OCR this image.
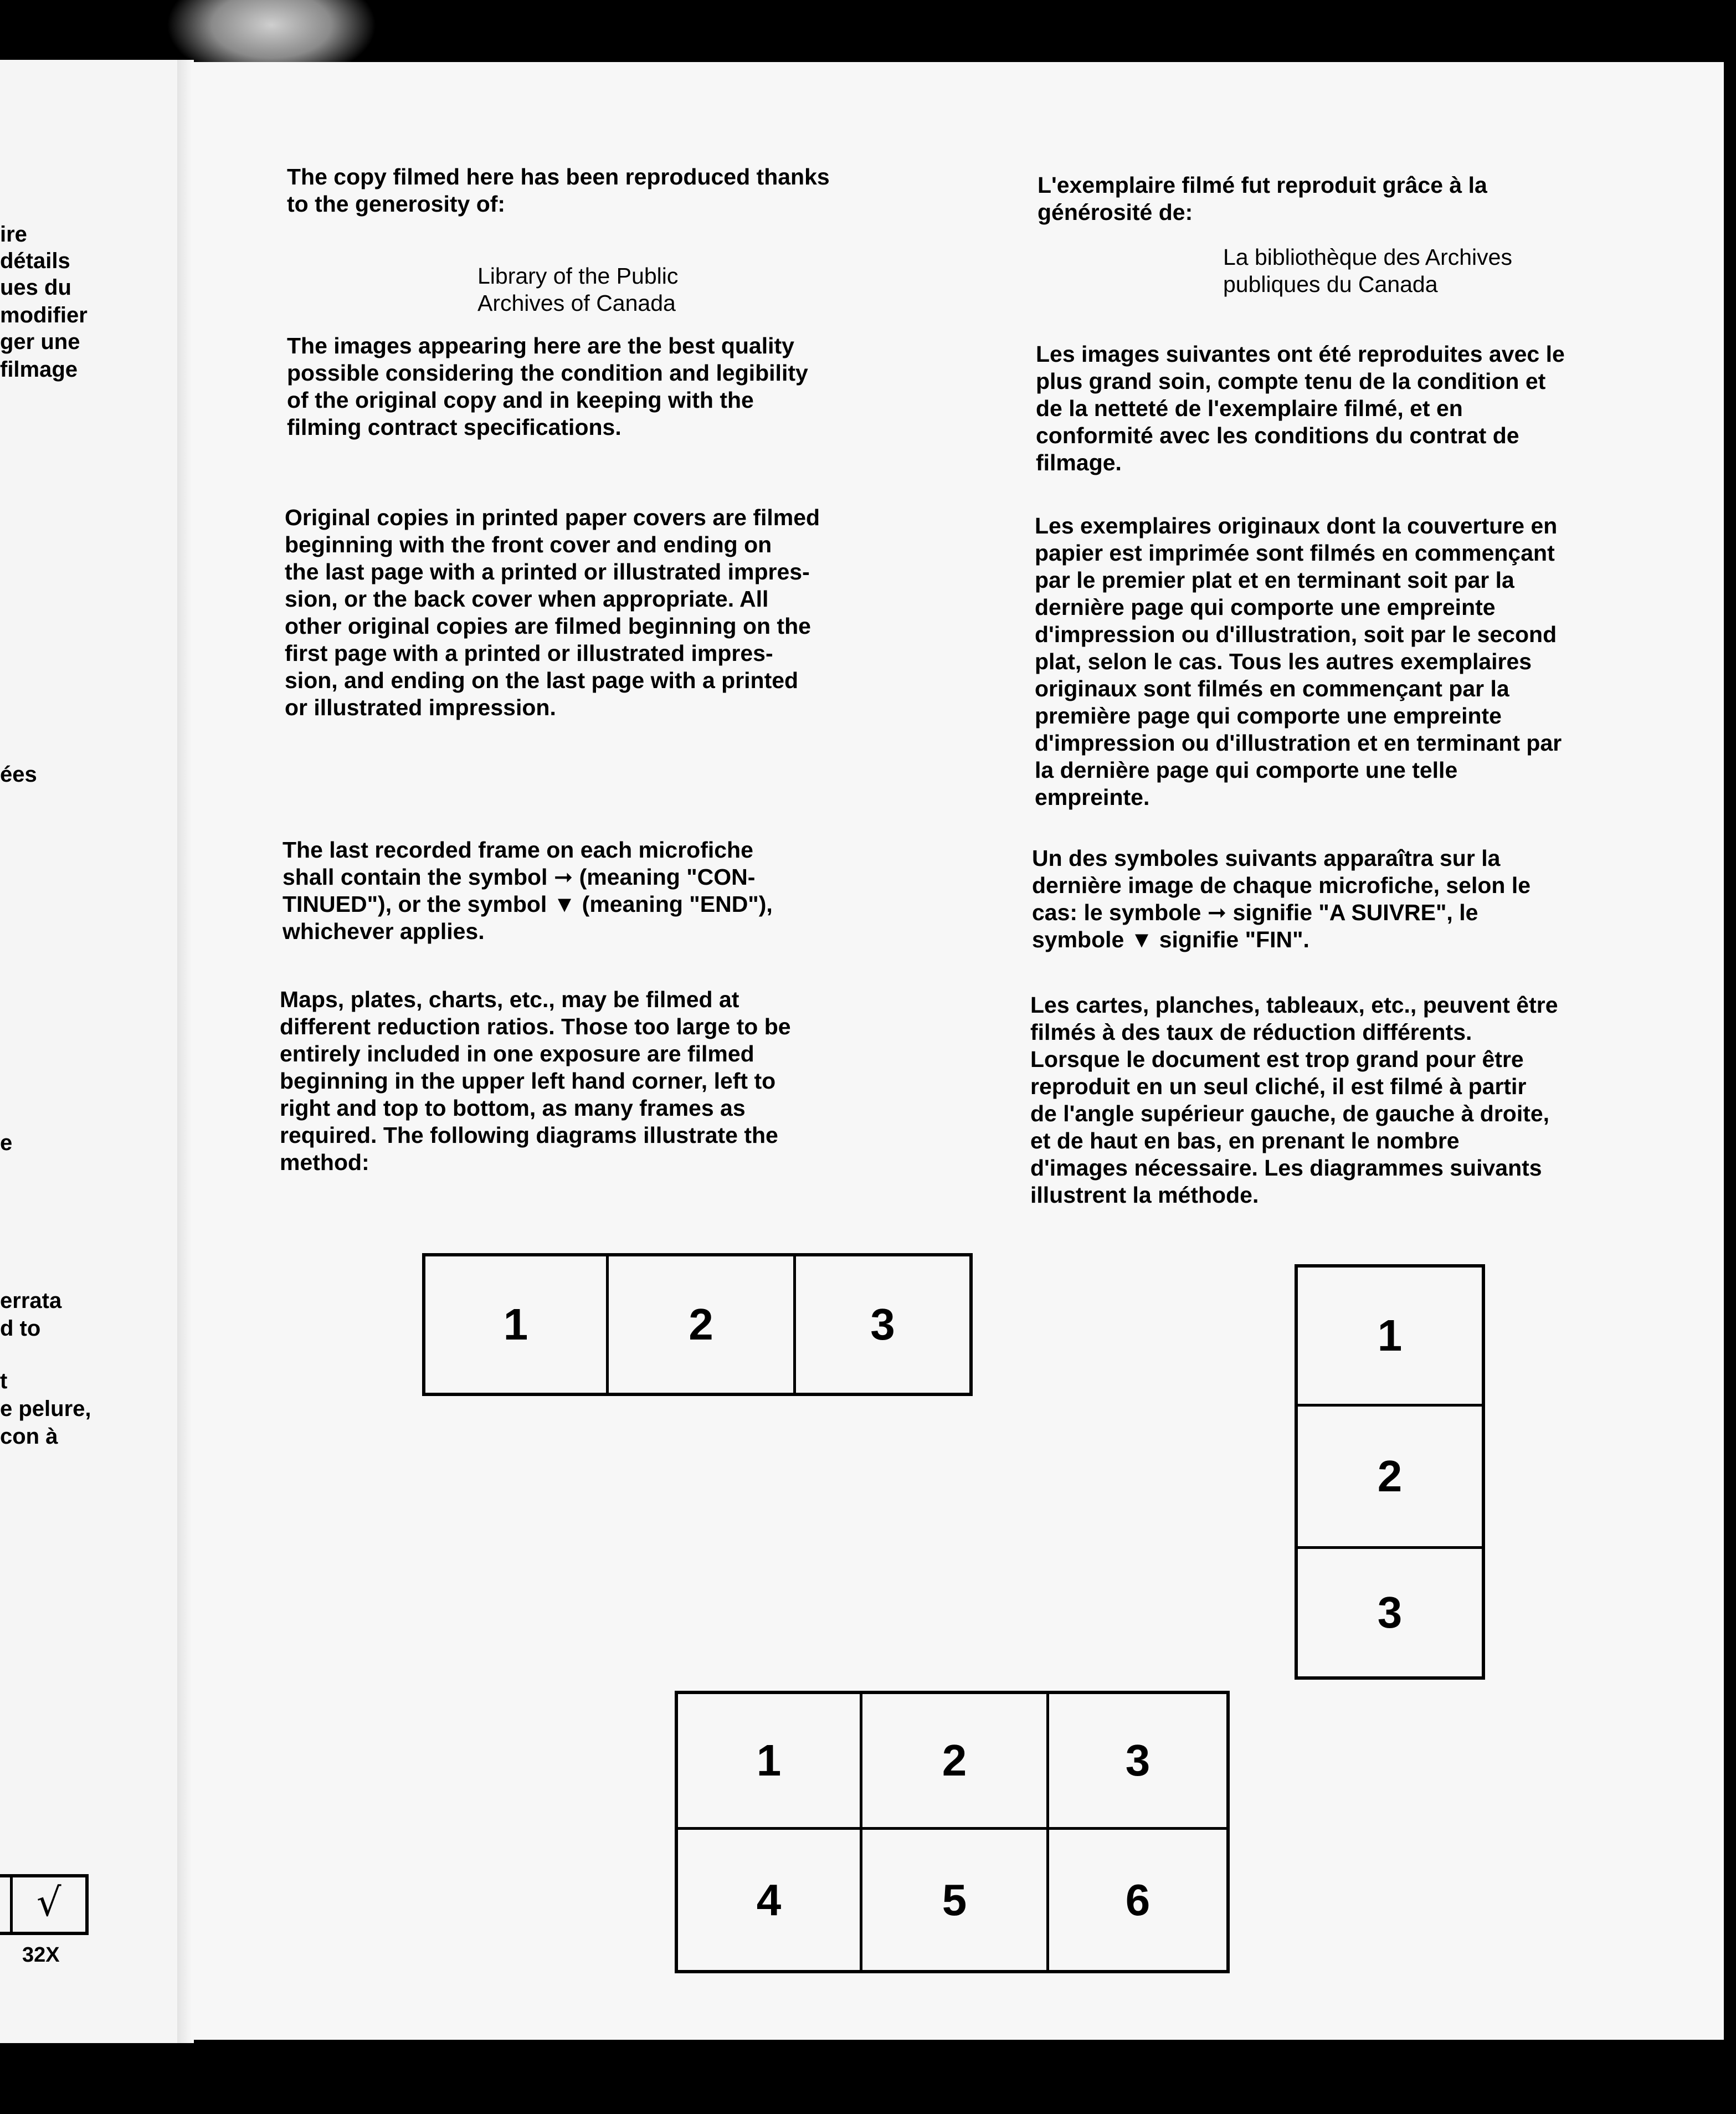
ire
détails
ues du
modifier
ger une
filmage
ées
e
errata
d to
t
e pelure,
con à
√
32X

The copy filmed here has been reproduced thanks
to the generosity of:

Library of the Public
Archives of Canada

The images appearing here are the best quality
possible considering the condition and legibility
of the original copy and in keeping with the
filming contract specifications.

Original copies in printed paper covers are filmed
beginning with the front cover and ending on
the last page with a printed or illustrated impres-
sion, or the back cover when appropriate. All
other original copies are filmed beginning on the
first page with a printed or illustrated impres-
sion, and ending on the last page with a printed
or illustrated impression.

The last recorded frame on each microfiche
shall contain the symbol ➞ (meaning "CON-
TINUED"), or the symbol ▼ (meaning "END"),
whichever applies.

Maps, plates, charts, etc., may be filmed at
different reduction ratios. Those too large to be
entirely included in one exposure are filmed
beginning in the upper left hand corner, left to
right and top to bottom, as many frames as
required. The following diagrams illustrate the
method:

L'exemplaire filmé fut reproduit grâce à la
générosité de:

La bibliothèque des Archives
publiques du Canada

Les images suivantes ont été reproduites avec le
plus grand soin, compte tenu de la condition et
de la netteté de l'exemplaire filmé, et en
conformité avec les conditions du contrat de
filmage.

Les exemplaires originaux dont la couverture en
papier est imprimée sont filmés en commençant
par le premier plat et en terminant soit par la
dernière page qui comporte une empreinte
d'impression ou d'illustration, soit par le second
plat, selon le cas. Tous les autres exemplaires
originaux sont filmés en commençant par la
première page qui comporte une empreinte
d'impression ou d'illustration et en terminant par
la dernière page qui comporte une telle
empreinte.

Un des symboles suivants apparaîtra sur la
dernière image de chaque microfiche, selon le
cas: le symbole ➞ signifie "A SUIVRE", le
symbole ▼ signifie "FIN".

Les cartes, planches, tableaux, etc., peuvent être
filmés à des taux de réduction différents.
Lorsque le document est trop grand pour être
reproduit en un seul cliché, il est filmé à partir
de l'angle supérieur gauche, de gauche à droite,
et de haut en bas, en prenant le nombre
d'images nécessaire. Les diagrammes suivants
illustrent la méthode.

1	2	3	1
2
3
1	2	3
4	5	6
